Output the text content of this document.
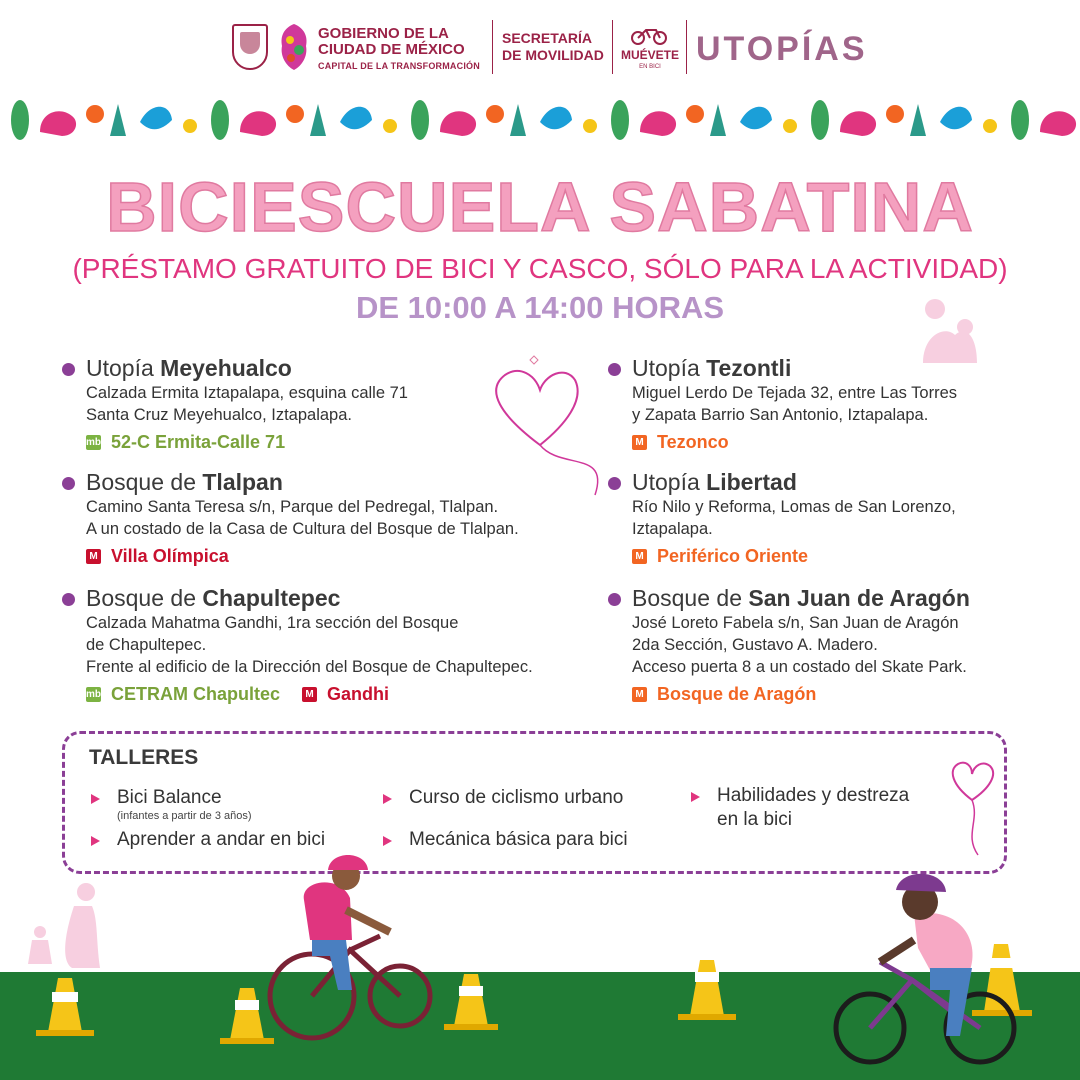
GOBIERNO DE LA
CIUDAD DE MÉXICO
CAPITAL DE LA TRANSFORMACIÓN
SECRETARÍA
DE MOVILIDAD	MUÉVETE
EN BICI UTOPÍAS
BICIESCUELA SABATINA
(PRÉSTAMO GRATUITO DE BICI Y CASCO, SÓLO PARA LA ACTIVIDAD)
DE 10:00 A 14:00 HORAS
Utopía Meyehualco
Calzada Ermita Iztapalapa, esquina calle 71
Santa Cruz Meyehualco, Iztapalapa.
mb 52-C Ermita-Calle 71
Bosque de Tlalpan
Camino Santa Teresa s/n, Parque del Pedregal, Tlalpan.
A un costado de la Casa de Cultura del Bosque de Tlalpan.
M Villa Olímpica
Bosque de Chapultepec
Calzada Mahatma Gandhi, 1ra sección del Bosque
de Chapultepec.
Frente al edificio de la Dirección del Bosque de Chapultepec.
mb CETRAM Chapultec	M Gandhi
Utopía Tezontli
Miguel Lerdo De Tejada 32, entre Las Torres
y Zapata Barrio San Antonio, Iztapalapa.
M Tezonco
Utopía Libertad
Río Nilo y Reforma, Lomas de San Lorenzo,
Iztapalapa.
M Periférico Oriente
Bosque de San Juan de Aragón
José Loreto Fabela s/n, San Juan de Aragón
2da Sección, Gustavo A. Madero.
Acceso puerta 8 a un costado del Skate Park.
M Bosque de Aragón
TALLERES
Bici Balance
(infantes a partir de 3 años)
Aprender a andar en bici
Curso de ciclismo urbano
Mecánica básica para bici
Habilidades y destreza
en la bici
